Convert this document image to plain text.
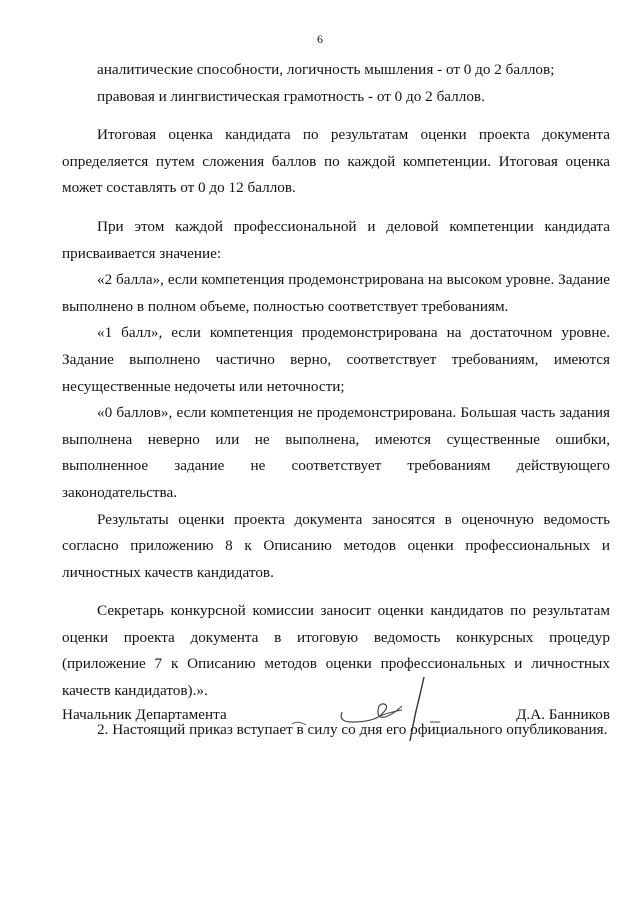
6

аналитические способности, логичность мышления - от 0 до 2 баллов;

правовая и лингвистическая грамотность - от 0 до 2 баллов.

Итоговая оценка кандидата по результатам оценки проекта документа определяется путем сложения баллов по каждой компетенции. Итоговая оценка может составлять от 0 до 12 баллов.

При этом каждой профессиональной и деловой компетенции кандидата присваивается значение:

«2 балла», если компетенция продемонстрирована на высоком уровне. Задание выполнено в полном объеме, полностью соответствует требованиям.

«1 балл», если компетенция продемонстрирована на достаточном уровне. Задание выполнено частично верно, соответствует требованиям, имеются несущественные недочеты или неточности;

«0 баллов», если компетенция не продемонстрирована. Большая часть задания выполнена неверно или не выполнена, имеются существенные ошибки, выполненное задание не соответствует требованиям действующего законодательства.

Результаты оценки проекта документа заносятся в оценочную ведомость согласно приложению 8 к Описанию методов оценки профессиональных и личностных качеств кандидатов.

Секретарь конкурсной комиссии заносит оценки кандидатов по результатам оценки проекта документа в итоговую ведомость конкурсных процедур (приложение 7 к Описанию методов оценки профессиональных и личностных качеств кандидатов).».

2. Настоящий приказ вступает в силу со дня его официального опубликования.

Начальник Департамента	Д.А. Банников
